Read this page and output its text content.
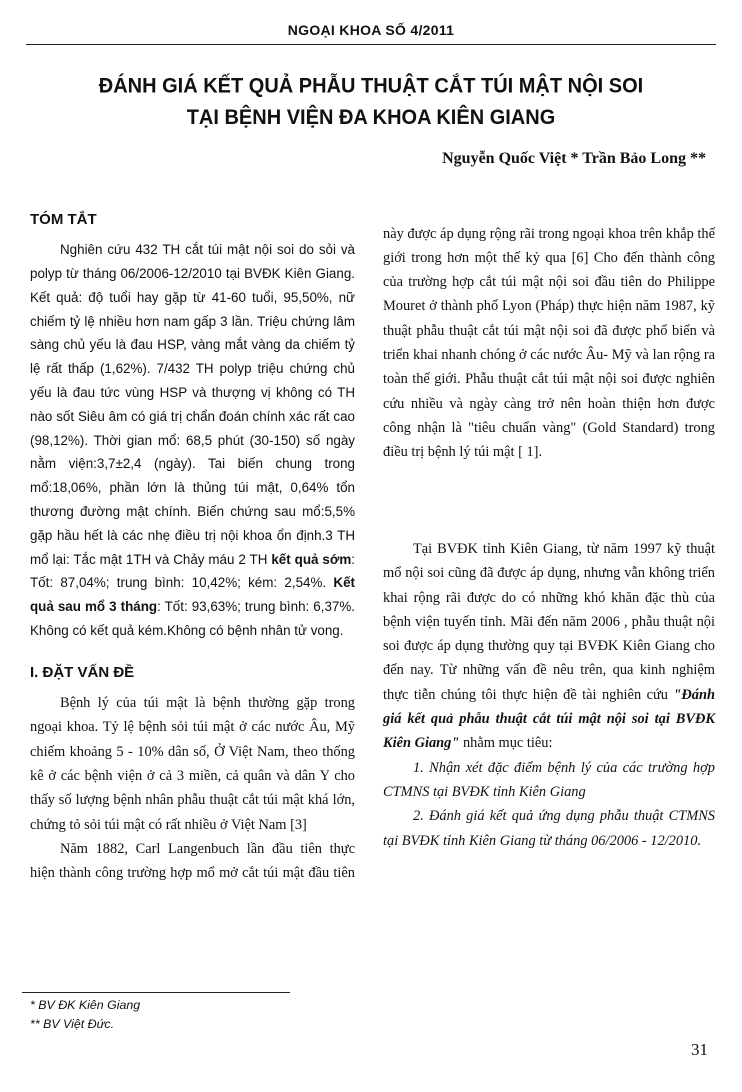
NGOẠI KHOA SỐ 4/2011
ĐÁNH GIÁ KẾT QUẢ PHẪU THUẬT CẮT TÚI MẬT NỘI SOI
TẠI BỆNH VIỆN ĐA KHOA KIÊN GIANG
Nguyễn Quốc Việt * Trần Bảo Long **
TÓM TẮT

Nghiên cứu 432 TH cắt túi mật nội soi do sỏi và polyp từ tháng 06/2006-12/2010 tại BVĐK Kiên Giang. Kết quả: độ tuổi hay gặp từ 41-60 tuổi, 95,50%, nữ chiếm tỷ lệ nhiều hơn nam gấp 3 lần. Triệu chứng lâm sàng chủ yếu là đau HSP, vàng mắt vàng da chiếm tỷ lệ rất thấp (1,62%). 7/432 TH polyp triệu chứng chủ yếu là đau tức vùng HSP và thượng vị không có TH nào sốt Siêu âm có giá trị chẩn đoán chính xác rất cao (98,12%). Thời gian mổ: 68,5 phút (30-150) số ngày nằm viện:3,7±2,4 (ngày). Tai biến chung trong mổ:18,06%, phần lớn là thủng túi mật, 0,64% tổn thương đường mật chính. Biến chứng sau mổ:5,5% gặp hầu hết là các nhẹ điều trị nội khoa ổn định.3 TH mổ lại: Tắc mật 1TH và Chảy máu 2 TH kết quả sớm: Tốt: 87,04%; trung bình: 10,42%; kém: 2,54%. Kết quả sau mổ 3 tháng: Tốt: 93,63%; trung bình: 6,37%. Không có kết quả kém.Không có bệnh nhân tử vong.

I. ĐẶT VẤN ĐỀ

Bệnh lý của túi mật là bệnh thường gặp trong ngoại khoa. Tỷ lệ bệnh sỏi túi mật ở các nước Âu, Mỹ chiếm khoảng 5 - 10% dân số, Ở Việt Nam, theo thống kê ở các bệnh viện ở cả 3 miền, cả quân và dân Y cho thấy số lượng bệnh nhân phẫu thuật cắt túi mật khá lớn, chứng tỏ sỏi túi mật có rất nhiều ở Việt Nam [3]

Năm 1882, Carl Langenbuch lần đầu tiên thực hiện thành công trường hợp mổ mở cắt túi mật đầu tiên

này được áp dụng rộng rãi trong ngoại khoa trên khắp thế giới trong hơn một thế kỷ qua [6] Cho đến thành công của trường hợp cắt túi mật nội soi đầu tiên do Philippe Mouret ở thành phố Lyon (Pháp) thực hiện năm 1987, kỹ thuật phẫu thuật cắt túi mật nội soi đã được phổ biến và triển khai nhanh chóng ở các nước Âu- Mỹ và lan rộng ra toàn thế giới. Phẫu thuật cắt túi mật nội soi được nghiên cứu nhiều và ngày càng trở nên hoàn thiện hơn được công nhận là "tiêu chuẩn vàng" (Gold Standard) trong điều trị bệnh lý túi mật [ 1].

Tại BVĐK tỉnh Kiên Giang, từ năm 1997 kỹ thuật mổ nội soi cũng đã được áp dụng, nhưng vẫn không triển khai rộng rãi được do có những khó khăn đặc thù của bệnh viện tuyến tỉnh. Mãi đến năm 2006 , phẫu thuật nội soi được áp dụng thường quy tại BVĐK Kiên Giang cho đến nay. Từ những vấn đề nêu trên, qua kinh nghiệm thực tiễn chúng tôi thực hiện đề tài nghiên cứu "Đánh giá kết quả phẫu thuật cắt túi mật nội soi tại BVĐK Kiên Giang" nhằm mục tiêu:

1. Nhận xét đặc điểm bệnh lý của các trường hợp CTMNS tại BVĐK tỉnh Kiên Giang

2. Đánh giá kết quả ứng dụng phẫu thuật CTMNS tại BVĐK tỉnh Kiên Giang từ tháng 06/2006 - 12/2010.

* BV ĐK Kiên Giang
** BV Việt Đức.
31
